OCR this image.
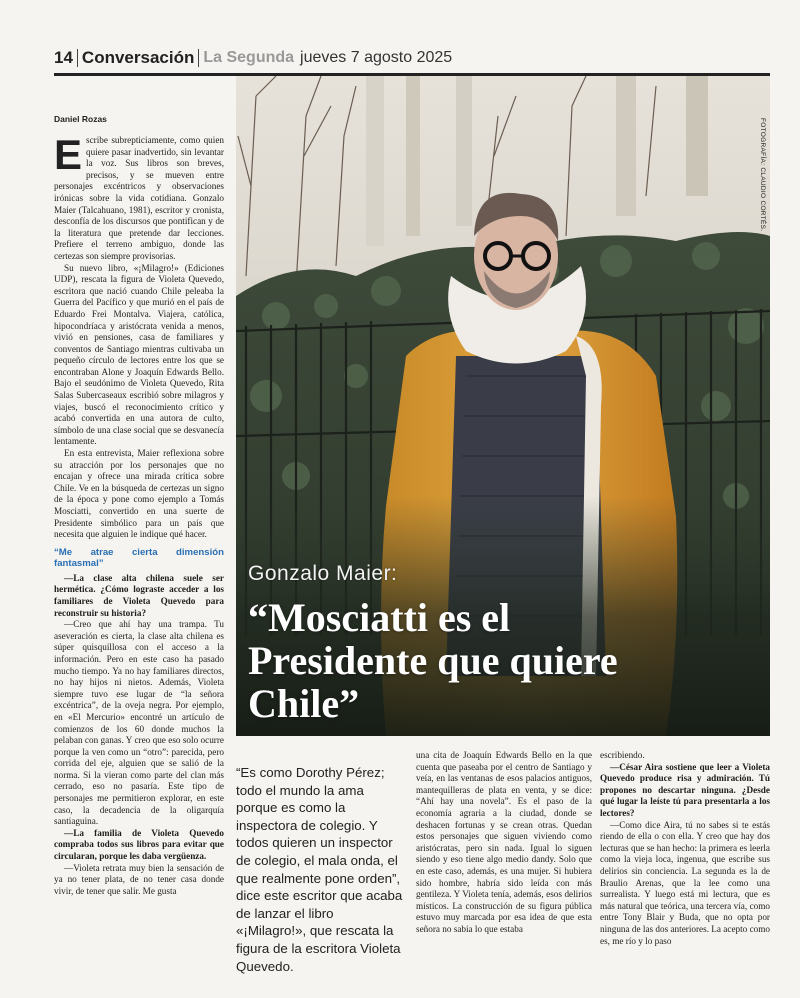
14 Conversación La Segunda jueves 7 agosto 2025
Daniel Rozas

Escribe subrepticiamente, como quien quiere pasar inadvertido, sin levantar la voz. Sus libros son breves, precisos, y se mueven entre personajes excéntricos y observaciones irónicas sobre la vida cotidiana. Gonzalo Maier (Talcahuano, 1981), escritor y cronista, desconfía de los discursos que pontifican y de la literatura que pretende dar lecciones. Prefiere el terreno ambiguo, donde las certezas son siempre provisorias.

Su nuevo libro, «¡Milagro!» (Ediciones UDP), rescata la figura de Violeta Quevedo, escritora que nació cuando Chile peleaba la Guerra del Pacífico y que murió en el país de Eduardo Frei Montalva. Viajera, católica, hipocondríaca y aristócrata venida a menos, vivió en pensiones, casa de familiares y conventos de Santiago mientras cultivaba un pequeño círculo de lectores entre los que se encontraban Alone y Joaquín Edwards Bello. Bajo el seudónimo de Violeta Quevedo, Rita Salas Subercaseaux escribió sobre milagros y viajes, buscó el reconocimiento crítico y acabó convertida en una autora de culto, símbolo de una clase social que se desvanecía lentamente.

En esta entrevista, Maier reflexiona sobre su atracción por los personajes que no encajan y ofrece una mirada crítica sobre Chile. Ve en la búsqueda de certezas un signo de la época y pone como ejemplo a Tomás Mosciatti, convertido en una suerte de Presidente simbólico para un país que necesita que alguien le indique qué hacer.

“Me atrae cierta dimensión fantasmal”

—La clase alta chilena suele ser hermética. ¿Cómo lograste acceder a los familiares de Violeta Quevedo para reconstruir su historia?

—Creo que ahí hay una trampa. Tu aseveración es cierta, la clase alta chilena es súper quisquillosa con el acceso a la información. Pero en este caso ha pasado mucho tiempo. Ya no hay familiares directos, no hay hijos ni nietos. Además, Violeta siempre tuvo ese lugar de “la señora excéntrica”, de la oveja negra. Por ejemplo, en «El Mercurio» encontré un artículo de comienzos de los 60 donde muchos la pelaban con ganas. Y creo que eso solo ocurre porque la ven como un “otro”: parecida, pero corrida del eje, alguien que se salió de la norma. Si la vieran como parte del clan más cerrado, eso no pasaría. Este tipo de personajes me permitieron explorar, en este caso, la decadencia de la oligarquía santiaguina.

—La familia de Violeta Quevedo compraba todos sus libros para evitar que circularan, porque les daba vergüenza.

—Violeta retrata muy bien la sensación de ya no tener plata, de no tener casa donde vivir, de tener que salir. Me gusta

FOTOGRAFÍA: CLAUDIO CORTÉS.
Gonzalo Maier:
“Mosciatti es el Presidente que quiere Chile”
“Es como Dorothy Pérez; todo el mundo la ama porque es como la inspectora de colegio. Y todos quieren un inspector de colegio, el mala onda, el que realmente pone orden”, dice este escritor que acaba de lanzar el libro «¡Milagro!», que rescata la figura de la escritora Violeta Quevedo.

una cita de Joaquín Edwards Bello en la que cuenta que paseaba por el centro de Santiago y veía, en las ventanas de esos palacios antiguos, mantequilleras de plata en venta, y se dice: “Ahí hay una novela”. Es el paso de la economía agraria a la ciudad, donde se deshacen fortunas y se crean otras. Quedan estos personajes que siguen viviendo como aristócratas, pero sin nada. Igual lo siguen siendo y eso tiene algo medio dandy. Solo que en este caso, además, es una mujer. Si hubiera sido hombre, habría sido leída con más gentileza. Y Violeta tenía, además, esos delirios místicos. La construcción de su figura pública estuvo muy marcada por esa idea de que esta señora no sabía lo que estaba

escribiendo.

—César Aira sostiene que leer a Violeta Quevedo produce risa y admiración. Tú propones no descartar ninguna. ¿Desde qué lugar la leíste tú para presentarla a los lectores?

—Como dice Aira, tú no sabes si te estás riendo de ella o con ella. Y creo que hay dos lecturas que se han hecho: la primera es leerla como la vieja loca, ingenua, que escribe sus delirios sin conciencia. La segunda es la de Braulio Arenas, que la lee como una surrealista. Y luego está mi lectura, que es más natural que teórica, una tercera vía, como entre Tony Blair y Buda, que no opta por ninguna de las dos anteriores. La acepto como es, me río y lo paso
